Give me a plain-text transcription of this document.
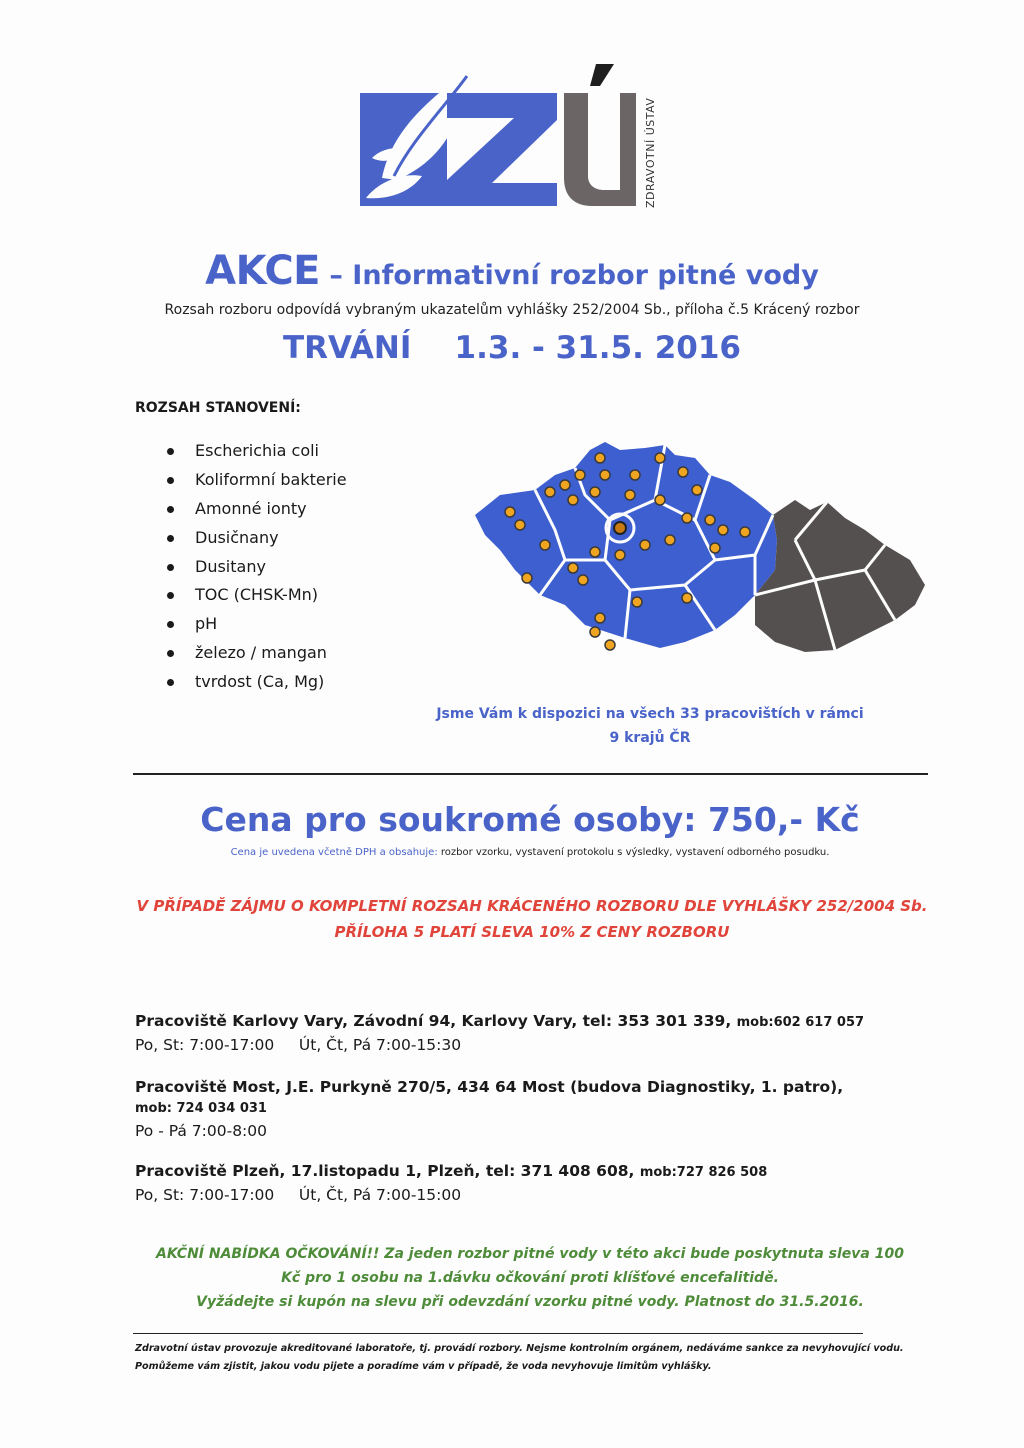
ZDRAVOTNÍ ÚSTAV
AKCE – Informativní rozbor pitné vody
Rozsah rozboru odpovídá vybraným ukazatelům vyhlášky 252/2004 Sb., příloha č.5 Krácený rozbor
TRVÁNÍ    1.3. - 31.5. 2016
ROZSAH STANOVENÍ:
Escherichia coli
Koliformní bakterie
Amonné ionty
Dusičnany
Dusitany
TOC (CHSK-Mn)
pH
železo / mangan
tvrdost (Ca, Mg)
Jsme Vám k dispozici na všech 33 pracovištích v rámci
9 krajů ČR
Cena pro soukromé osoby: 750,- Kč
Cena je uvedena včetně DPH a obsahuje: rozbor vzorku, vystavení protokolu s výsledky, vystavení odborného posudku.
V PŘÍPADĚ ZÁJMU O KOMPLETNÍ ROZSAH KRÁCENÉHO ROZBORU DLE VYHLÁŠKY 252/2004 Sb.
PŘÍLOHA 5 PLATÍ SLEVA 10% Z CENY ROZBORU
Pracoviště Karlovy Vary, Závodní 94, Karlovy Vary, tel: 353 301 339, mob:602 617 057
Po, St: 7:00-17:00     Út, Čt, Pá 7:00-15:30
Pracoviště Most, J.E. Purkyně 270/5, 434 64 Most (budova Diagnostiky, 1. patro),
mob: 724 034 031
Po - Pá 7:00-8:00
Pracoviště Plzeň, 17.listopadu 1, Plzeň, tel: 371 408 608, mob:727 826 508
Po, St: 7:00-17:00     Út, Čt, Pá 7:00-15:00
AKČNÍ NABÍDKA OČKOVÁNÍ!! Za jeden rozbor pitné vody v této akci bude poskytnuta sleva 100
Kč pro 1 osobu na 1.dávku očkování proti klíšťové encefalitidě.
Vyžádejte si kupón na slevu při odevzdání vzorku pitné vody. Platnost do 31.5.2016.
Zdravotní ústav provozuje akreditované laboratoře, tj. provádí rozbory. Nejsme kontrolním orgánem, nedáváme sankce za nevyhovující vodu.
Pomůžeme vám zjistit, jakou vodu pijete a poradíme vám v případě, že voda nevyhovuje limitům vyhlášky.
